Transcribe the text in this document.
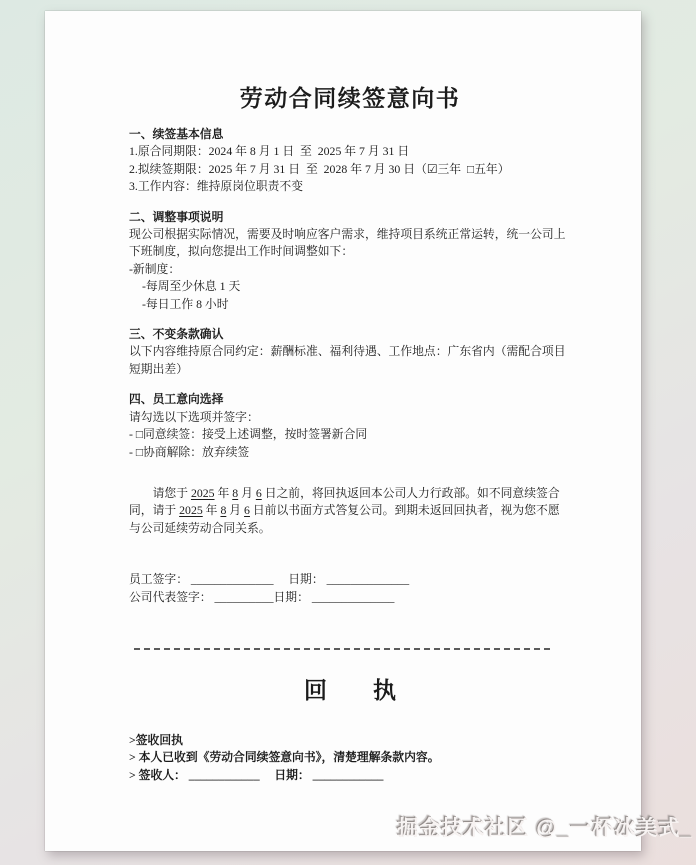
劳动合同续签意向书
一、续签基本信息
1.原合同期限：2024 年 8 月 1 日  至  2025 年 7 月 31 日
2.拟续签期限：2025 年 7 月 31 日  至  2028 年 7 月 30 日（☑三年  □五年）
3.工作内容：维持原岗位职责不变
二、调整事项说明
现公司根据实际情况，需要及时响应客户需求，维持项目系统正常运转，统一公司上下班制度，拟向您提出工作时间调整如下：
-新制度：
-每周至少休息 1 天
-每日工作 8 小时
三、不变条款确认
以下内容维持原合同约定：薪酬标准、福利待遇、工作地点：广东省内（需配合项目短期出差）
四、员工意向选择
请勾选以下选项并签字：
- □同意续签：接受上述调整，按时签署新合同
- □协商解除：放弃续签
请您于 2025 年 8 月 6 日之前，将回执返回本公司人力行政部。如不同意续签合同，请于 2025 年 8 月 6 日前以书面方式答复公司。到期未返回回执者，视为您不愿与公司延续劳动合同关系。
员工签字： ______________　 日期： ______________
公司代表签字： __________日期： ______________
回　　执
>签收回执
> 本人已收到《劳动合同续签意向书》，清楚理解条款内容。
> 签收人： ____________　 日期： ____________
掘金技术社区 @_一杯冰美式_
